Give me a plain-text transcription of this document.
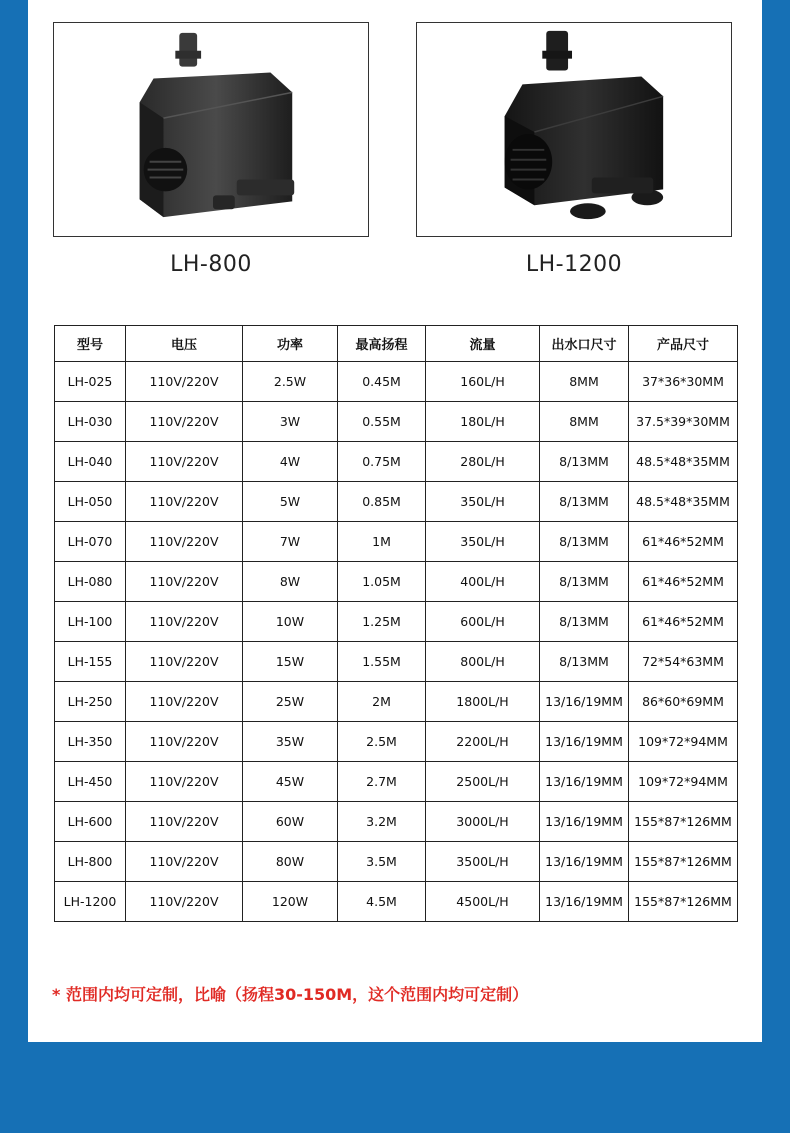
LH-800	LH-1200
型号	电压	功率	最高扬程	流量	出水口尺寸	产品尺寸
LH-025	110V/220V	2.5W	0.45M	160L/H	8MM	37*36*30MM
LH-030	110V/220V	3W	0.55M	180L/H	8MM	37.5*39*30MM
LH-040	110V/220V	4W	0.75M	280L/H	8/13MM	48.5*48*35MM
LH-050	110V/220V	5W	0.85M	350L/H	8/13MM	48.5*48*35MM
LH-070	110V/220V	7W	1M	350L/H	8/13MM	61*46*52MM
LH-080	110V/220V	8W	1.05M	400L/H	8/13MM	61*46*52MM
LH-100	110V/220V	10W	1.25M	600L/H	8/13MM	61*46*52MM
LH-155	110V/220V	15W	1.55M	800L/H	8/13MM	72*54*63MM
LH-250	110V/220V	25W	2M	1800L/H	13/16/19MM	86*60*69MM
LH-350	110V/220V	35W	2.5M	2200L/H	13/16/19MM	109*72*94MM
LH-450	110V/220V	45W	2.7M	2500L/H	13/16/19MM	109*72*94MM
LH-600	110V/220V	60W	3.2M	3000L/H	13/16/19MM	155*87*126MM
LH-800	110V/220V	80W	3.5M	3500L/H	13/16/19MM	155*87*126MM
LH-1200	110V/220V	120W	4.5M	4500L/H	13/16/19MM	155*87*126MM
* 范围内均可定制，比喻（扬程30-150M，这个范围内均可定制）
